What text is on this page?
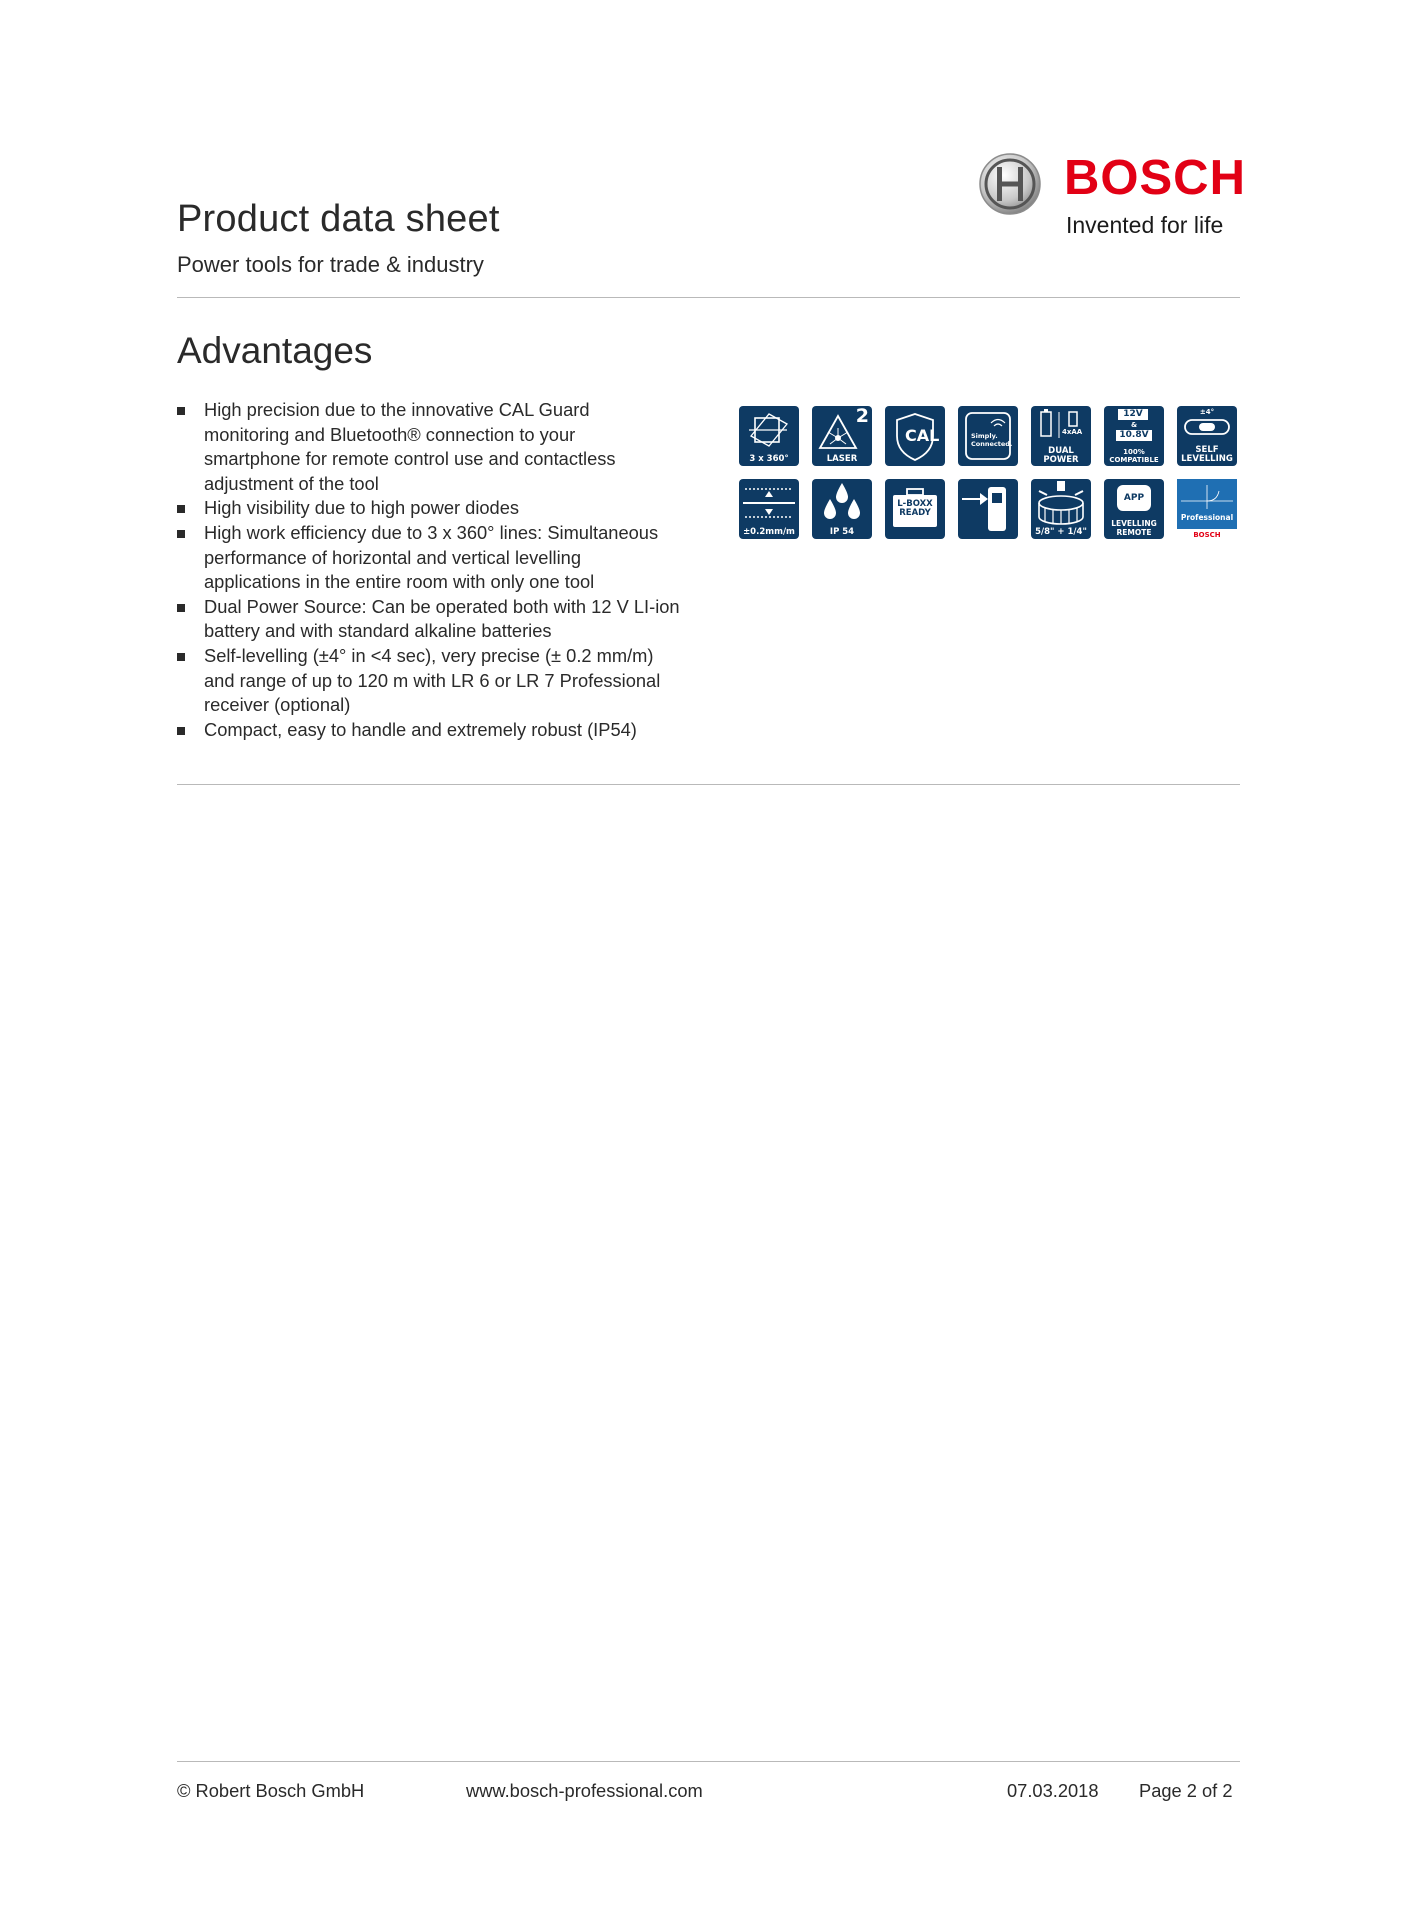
Product data sheet
Power tools for trade & industry
BOSCH
Invented for life
Advantages
High precision due to the innovative CAL Guard
monitoring and Bluetooth® connection to your
smartphone for remote control use and contactless
adjustment of the tool
High visibility due to high power diodes
High work efficiency due to 3 x 360° lines: Simultaneous
performance of horizontal and vertical levelling
applications in the entire room with only one tool
Dual Power Source: Can be operated both with 12 V LI-ion
battery and with standard alkaline batteries
Self-levelling (±4° in <4 sec), very precise (± 0.2 mm/m)
and range of up to 120 m with LR 6 or LR 7 Professional
receiver (optional)
Compact, easy to handle and extremely robust (IP54)
3 x 360°
2
LASER
CAL	Simply.
Connected.
4xAA
DUAL
POWER
12V
&
10.8V
100%
COMPATIBLE
±4°
SELF
LEVELLING
±0.2mm/m	IP 54
L-BOXX
READY
5/8" + 1/4"
APP
LEVELLING
REMOTE
Professional
BOSCH
© Robert Bosch GmbH	www.bosch-professional.com	07.03.2018 Page 2 of 2
